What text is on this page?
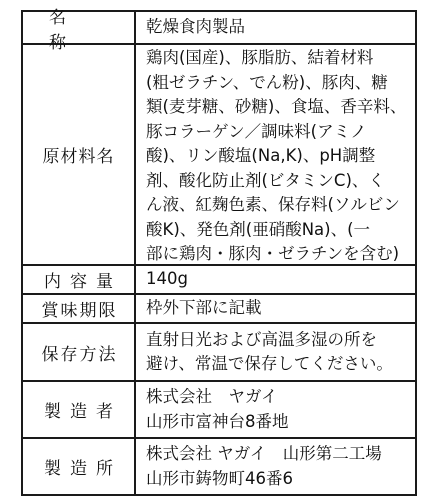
名称
乾燥食肉製品
原材料名
鶏肉(国産)、豚脂肪、結着材料
(粗ゼラチン、でん粉)、豚肉、糖
類(麦芽糖、砂糖)、食塩、香辛料、
豚コラーゲン／調味料(アミノ
酸)、リン酸塩(Na,K)、pH調整
剤、酸化防止剤(ビタミンC)、く
ん液、紅麹色素、保存料(ソルビン
酸K)、発色剤(亜硝酸Na)、(一
部に鶏肉・豚肉・ゼラチンを含む)
内容量	140g
賞味期限	枠外下部に記載
保存方法
直射日光および高温多湿の所を
避け、常温で保存してください。
製造者
株式会社　ヤガイ
山形市富神台8番地
製造所
株式会社 ヤガイ　山形第二工場
山形市鋳物町46番6
